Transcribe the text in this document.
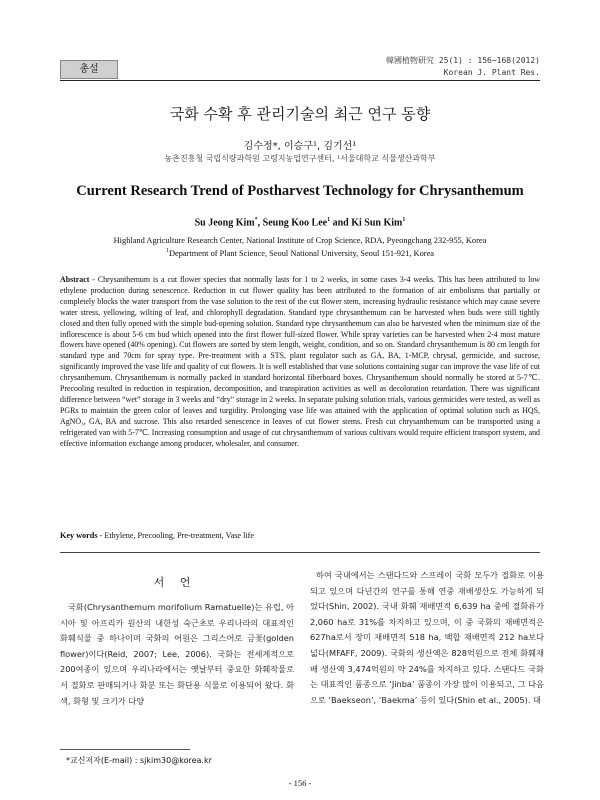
총설
韓國植物研究 25(1) : 156∼168(2012)
Korean J. Plant Res.
국화 수확 후 관리기술의 최근 연구 동향
김수정*, 이승구¹, 김기선¹
농촌진흥청 국립식량과학원 고령지농업연구센터, ¹서울대학교 식물생산과학부
Current Research Trend of Postharvest Technology for Chrysanthemum
Su Jeong Kim*, Seung Koo Lee$^1$ and Ki Sun Kim$^1$
Highland Agriculture Research Center, National Institute of Crop Science, RDA, Pyeongchang 232-955, Korea
$^1$Department of Plant Science, Seoul National University, Seoul 151-921, Korea
Abstract - Chrysanthemum is a cut flower species that normally lasts for 1 to 2 weeks, in some cases 3-4 weeks. This has been attributed to low ethylene production during senescence. Reduction in cut flower quality has been attributed to the formation of air embolisms that partially or completely blocks the water transport from the vase solution to the rest of the cut flower stem, increasing hydraulic resistance which may cause severe water stress, yellowing, wilting of leaf, and chlorophyll degradation. Standard type chrysanthemum can be harvested when buds were still tightly closed and then fully opened with the simple bud-opening solution. Standard type chrysanthemum can also be harvested when the minimum size of the inflorescence is about 5-6 cm bud which opened into the first flower full-sized flower. While spray varieties can be harvested when 2-4 most mature flowers have opened (40% opening). Cut flowers are sorted by stem length, weight, condition, and so on. Standard chrysanthemum is 80 cm length for standard type and 70cm for spray type. Pre-treatment with a STS, plant regulator such as GA, BA, 1-MCP, chrysal, germicide, and sucrose, significantly improved the vase life and quality of cut flowers. It is well established that vase solutions containing sugar can improve the vase life of cut chrysanthemum. Chrysanthemum is normally packed in standard horizontal fiberboard boxes. Chrysanthemum should normally be stored at 5-7℃. Precooling resulted in reduction in respiration, decomposition, and transpiration activities as well as decoloration retardation. There was significant difference between “wet” storage in 3 weeks and “dry” storage in 2 weeks. In separate pulsing solution trials, various germicides were tested, as well as PGRs to maintain the green color of leaves and turgidity. Prolonging vase life was attained with the application of optimal solution such as HQS, AgNO₃, GA, BA and sucrose. This also retarded senescence in leaves of cut flower stems. Fresh cut chrysanthemum can be transported using a refrigerated van with 5-7℃. Increasing consumption and usage of cut chrysanthemum of various cultivars would require efficient transport system, and effective information exchange among producer, wholesaler, and consumer.
Key words - Ethylene, Precooling, Pre-treatment, Vase life
서 언
국화(Chrysanthemum morifolium Ramatuelle)는 유럽, 아시아 및 아프리카 원산의 내한성 숙근초로 우리나라의 대표적인 화훼식물 중 하나이며 국화의 어원은 그리스어로 금꽃(golden flower)이다(Reid, 2007; Lee, 2006). 국화는 전세계적으로 200여종이 있으며 우리나라에서는 옛날부터 중요한 화훼작물로서 절화로 판매되거나 화분 또는 화단용 식물로 이용되어 왔다. 화색, 화형 및 크기가 다양
하여 국내에서는 스탠다드와 스프레이 국화 모두가 절화로 이용되고 있으며 다년간의 연구를 통해 연중 재배생산도 가능하게 되었다(Shin, 2002). 국내 화훼 재배면적 6,639 ha 중에 절화류가 2,060 ha로 31%를 차지하고 있으며, 이 중 국화의 재배면적은 627ha로서 장미 재배면적 518 ha, 백합 재배면적 212 ha보다 넓다(MFAFF, 2009). 국화의 생산액은 828억원으로 전체 화훼재배 생산액 3,474억원의 약 24%를 차지하고 있다. 스탠다드 국화는 대표적인 품종으로 ‘Jinba’ 품종이 가장 많이 이용되고, 그 다음으로 ‘Baekseon’, ‘Baekma’ 등이 있다(Shin et al., 2005). 대
*교신저자(E-mail) : sjkim30@korea.kr
- 156 -
